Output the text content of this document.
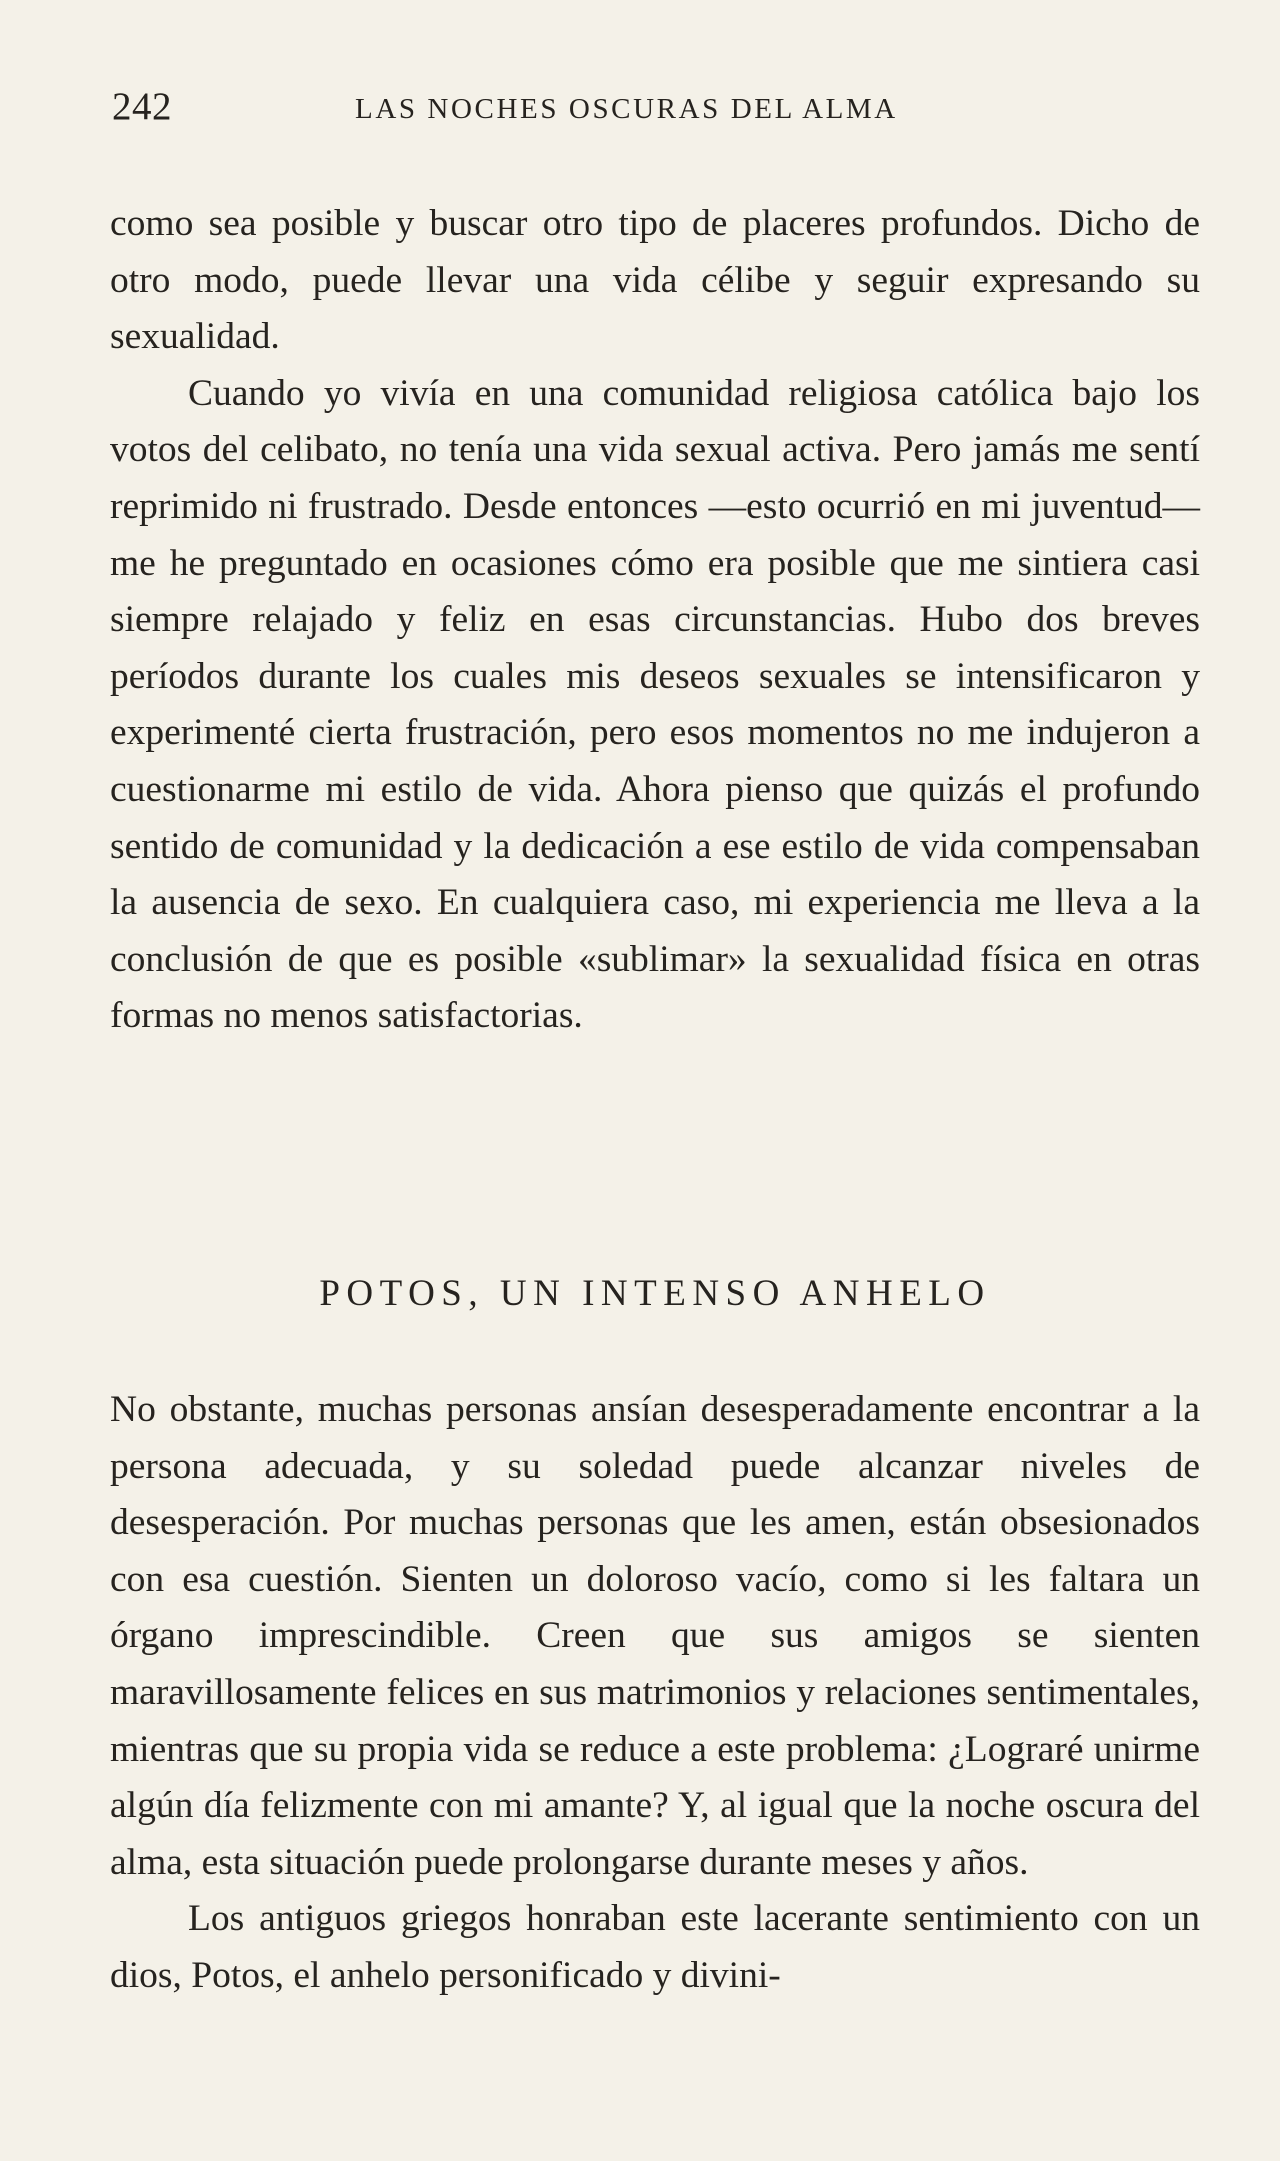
242	LAS NOCHES OSCURAS DEL ALMA

como sea posible y buscar otro tipo de placeres profundos. Dicho de otro modo, puede llevar una vida célibe y seguir expresando su sexualidad.

Cuando yo vivía en una comunidad religiosa católica bajo los votos del celibato, no tenía una vida sexual activa. Pero jamás me sentí reprimido ni frustrado. Desde entonces —esto ocurrió en mi juventud— me he preguntado en ocasiones cómo era posible que me sintiera casi siempre relajado y feliz en esas circunstancias. Hubo dos breves períodos durante los cuales mis deseos sexuales se intensificaron y experimenté cierta frustración, pero esos momentos no me indujeron a cuestionarme mi estilo de vida. Ahora pienso que quizás el profundo sentido de comunidad y la dedicación a ese estilo de vida compensaban la ausencia de sexo. En cualquiera caso, mi experiencia me lleva a la conclusión de que es posible «sublimar» la sexualidad física en otras formas no menos satisfactorias.

POTOS, UN INTENSO ANHELO

No obstante, muchas personas ansían desesperadamente encontrar a la persona adecuada, y su soledad puede alcanzar niveles de desesperación. Por muchas personas que les amen, están obsesionados con esa cuestión. Sienten un doloroso vacío, como si les faltara un órgano imprescindible. Creen que sus amigos se sienten maravillosamente felices en sus matrimonios y relaciones sentimentales, mientras que su propia vida se reduce a este problema: ¿Lograré unirme algún día felizmente con mi amante? Y, al igual que la noche oscura del alma, esta situación puede prolongarse durante meses y años.

Los antiguos griegos honraban este lacerante sentimiento con un dios, Potos, el anhelo personificado y divini-
